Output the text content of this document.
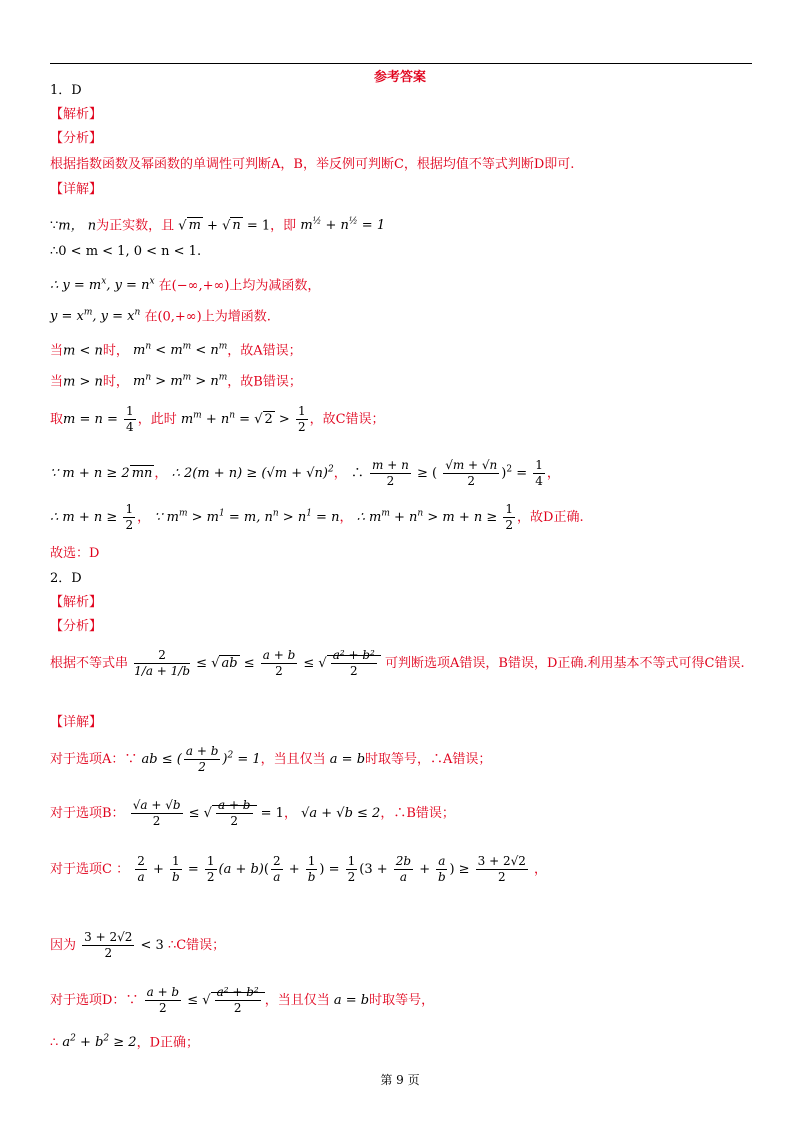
参考答案
1．D
【解析】
【分析】
根据指数函数及幂函数的单调性可判断A，B，举反例可判断C，根据均值不等式判断D即可.
【详解】
∵m， n为正实数，且 √ m + √ n = 1，即 $m^{\frac{1}{2}} + n^{\frac{1}{2}} = 1$
∴0 < m < 1, 0 < n < 1.
∴ $y = m^x$, $y = n^x$ 在(−∞,+∞)上均为减函数，
$y = x^m$, $y = x^n$ 在(0,+∞)上为增函数.
当m < n时， $m^n < m^m < n^m$，故A错误；
当m > n时， $m^n > m^m > n^m$，故B错误；
取$m = n = \frac{1}{4}$ ，此时 $m^m + n^n$ = √ $2 > \frac{1}{2}$ ，故C错误；
∵ m + n ≥ 2 mn ， ∴ $2(m + n) \ge (√m + √n)^2$， ∴ $\frac{m + n}{2}$ ≥ ( $\frac{√m + √n}{2} )^2 = \frac{1}{4}$ ，
∴ $m + n \ge \frac{1}{2}$ ， ∵ $m^m > m^1 = m$, $n^n > n^1 = n$， ∴ $m^m + n^n > m + n \ge \frac{1}{2}$ ，故D正确.
故选：D
2．D
【解析】
【分析】
根据不等式串 $\frac{2}{1/a + 1/b}$ ≤ √ ab ≤ $\frac{a + b}{2}$ ≤ √ $\frac{\text{a² + b²}}{2}$ 可判断选项A错误，B错误，D正确.利用基本不等式可得C错误.
【详解】
对于选项A：∵ ab ≤ ( $\frac{a + b}{2} )^2 = 1$，当且仅当 a = b时取等号，∴A错误；
对于选项B： $\frac{√a + √b}{2}$ ≤ √ $\frac{a + b}{2} = 1$， √a + √b ≤ 2，∴B错误；
对于选项C ： $\frac{2}{a} + \frac{1}{b} = \frac{1}{2} (a + b)( \frac{2}{a} + \frac{1}{b}$ ) = $\frac{1}{2} (3 + \frac{2b}{a} + \frac{a}{b}$ ) ≥ $\frac{3 + 2√2}{2}$ ，
因为 $\frac{3 + 2√2}{2} < 3$ ∴C错误；
对于选项D：∵ $\frac{a + b}{2}$ ≤ √ $\frac{\text{a² + b²}}{2}$ ，当且仅当 a = b时取等号，
∴ $a^2 + b^2 \ge 2$，D正确；
第 9 页
